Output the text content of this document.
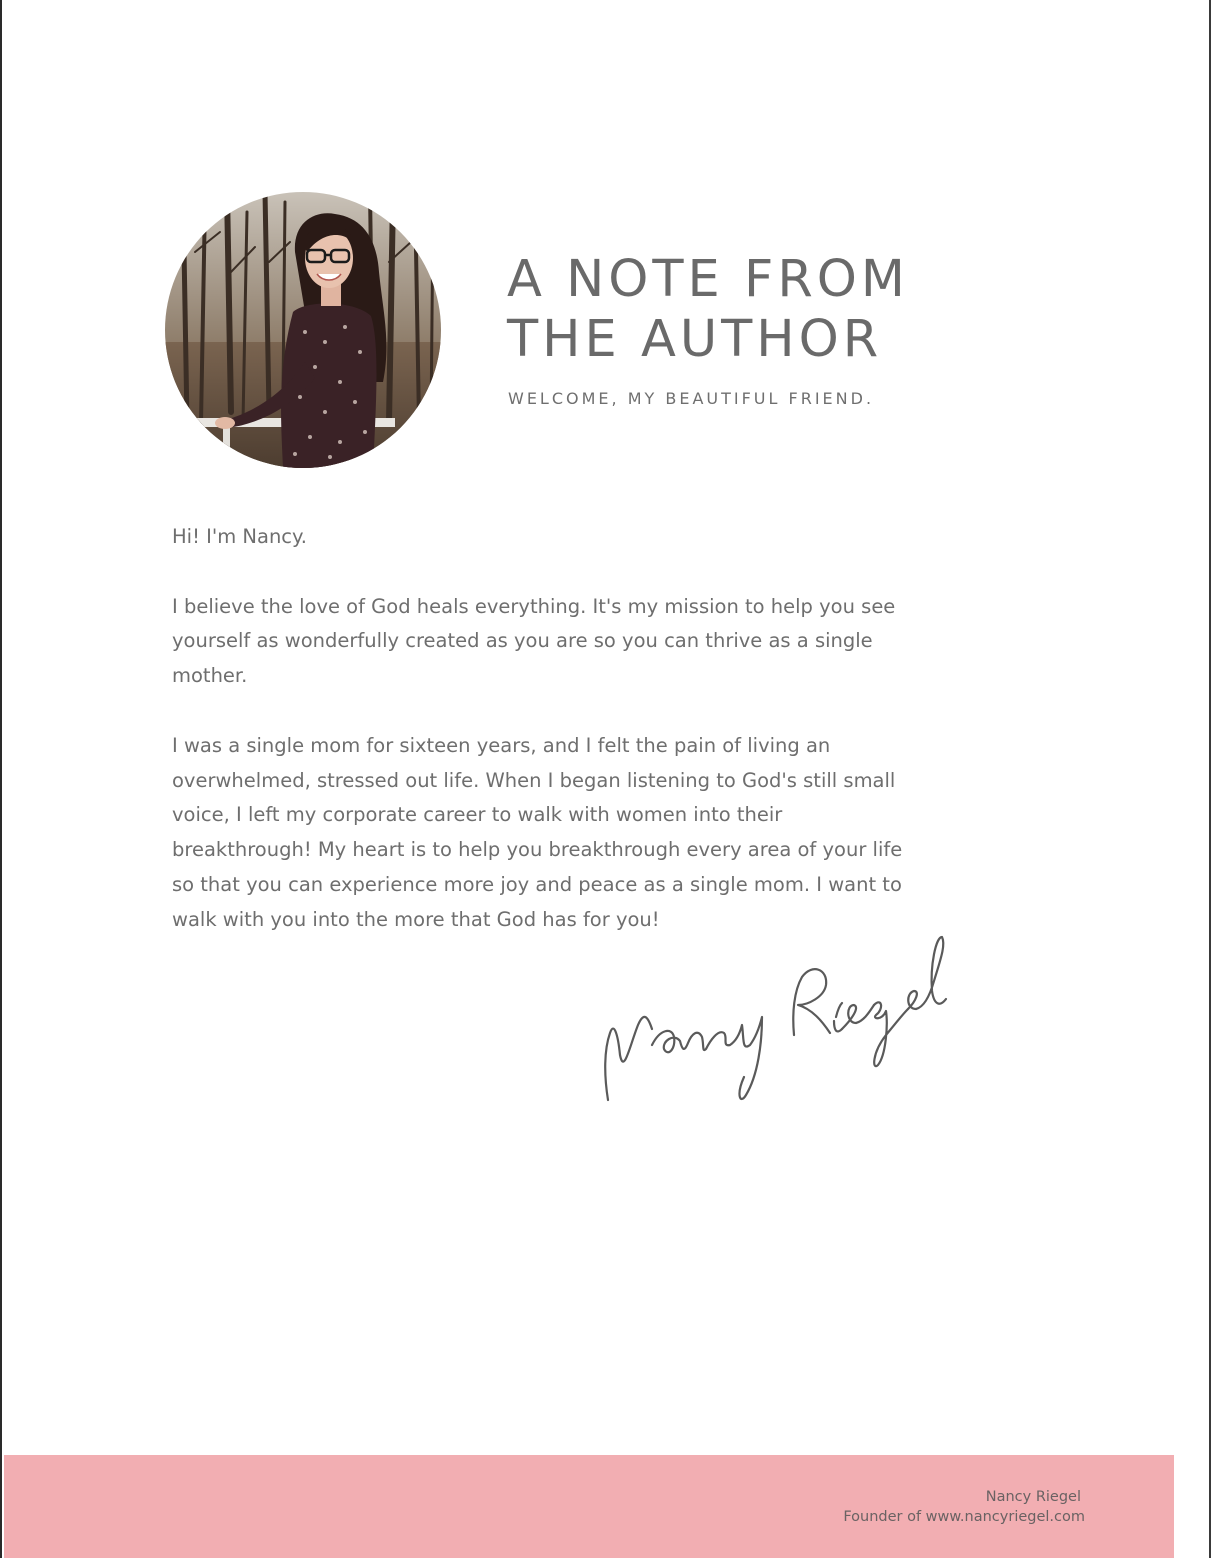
A NOTE FROM
THE AUTHOR
WELCOME, MY BEAUTIFUL FRIEND.

Hi! I'm Nancy.

I believe the love of God heals everything. It's my mission to help you see
yourself as wonderfully created as you are so you can thrive as a single
mother.

I was a single mom for sixteen years, and I felt the pain of living an
overwhelmed, stressed out life. When I began listening to God's still small
voice, I left my corporate career to walk with women into their
breakthrough! My heart is to help you breakthrough every area of your life
so that you can experience more joy and peace as a single mom. I want to
walk with you into the more that God has for you!

Nancy Riegel
Founder of www.nancyriegel.com
